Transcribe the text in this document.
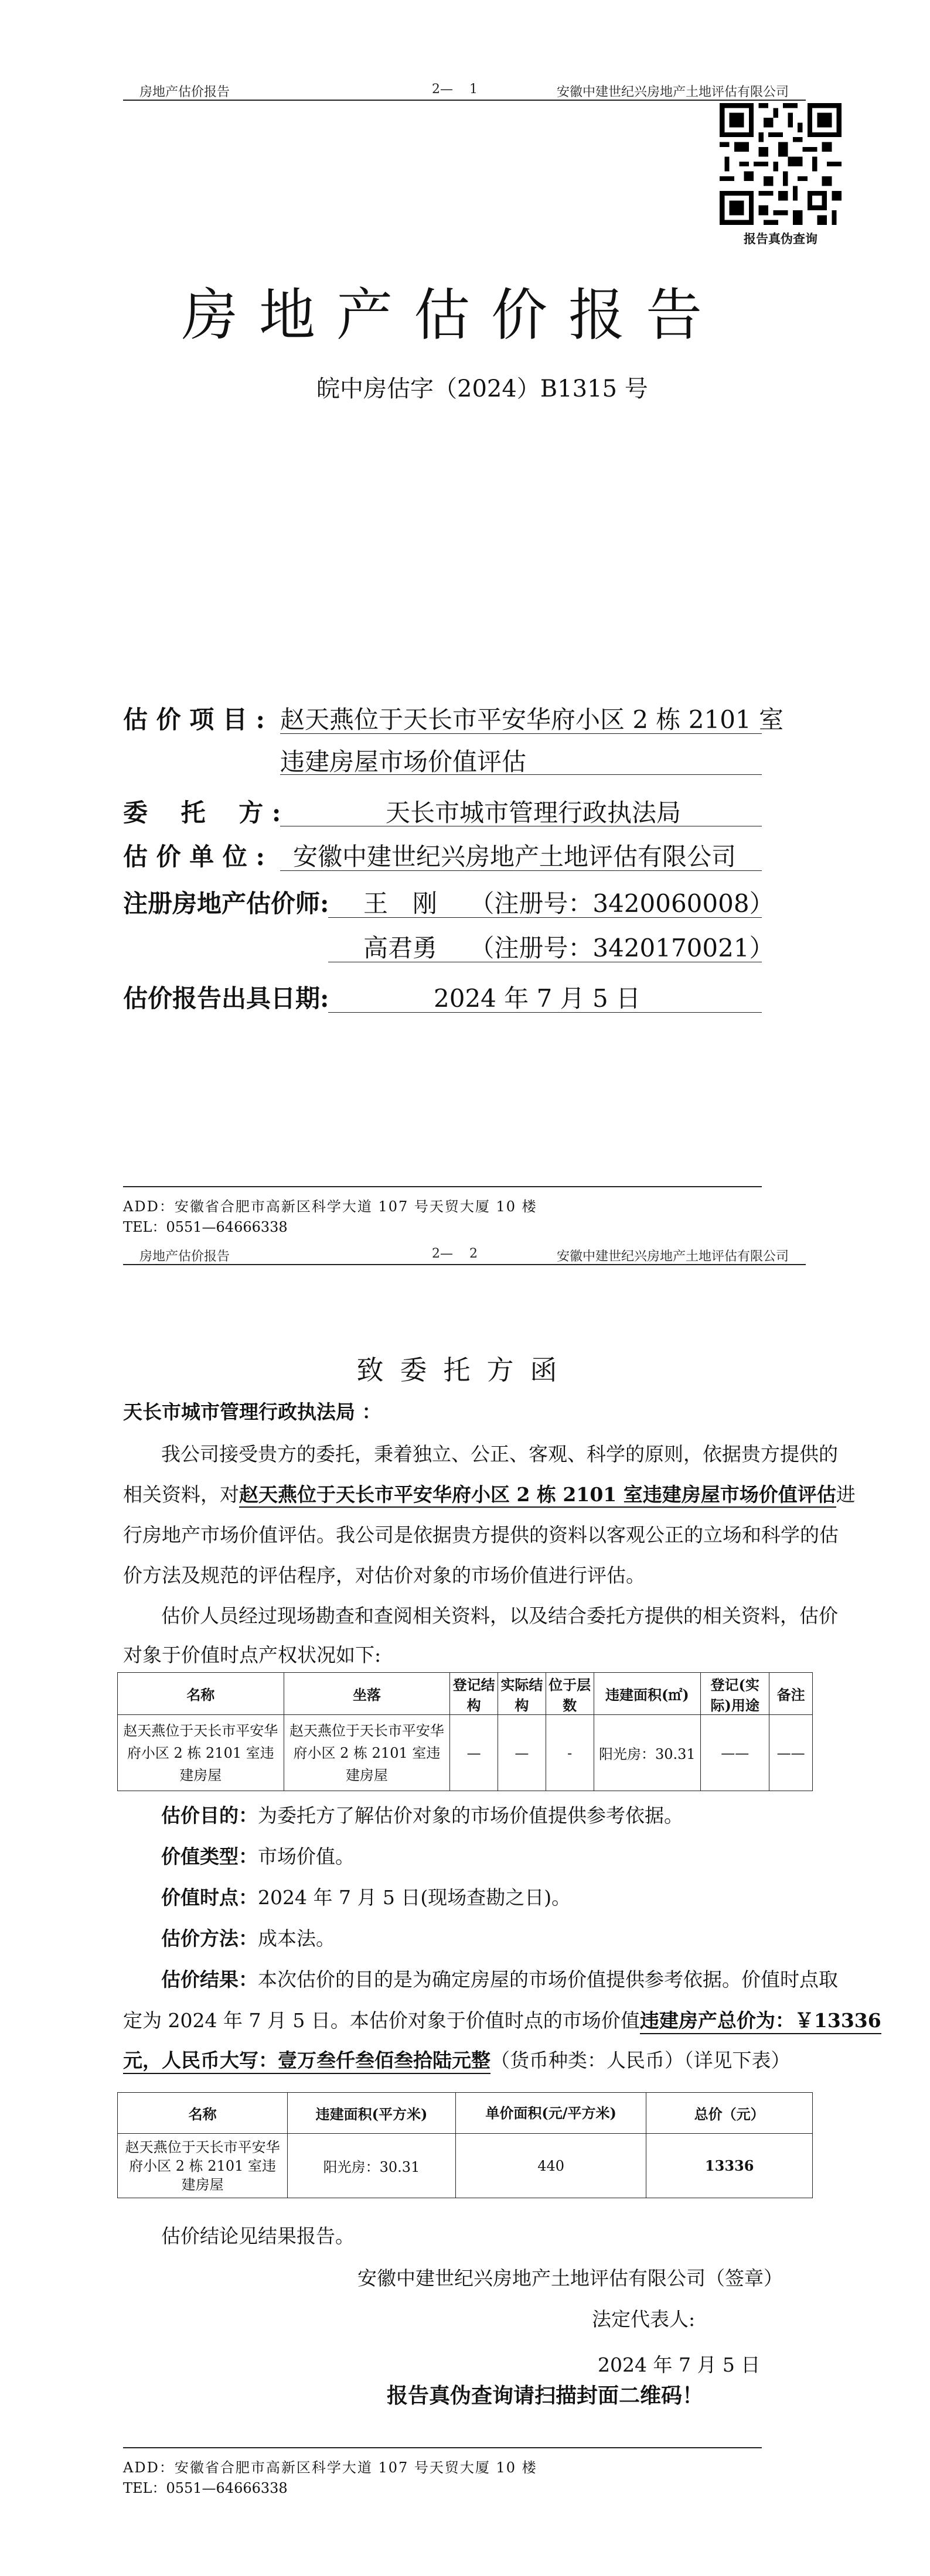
房地产估价报告	2—    1	安徽中建世纪兴房地产土地评估有限公司
报告真伪查询
房地产估价报告
皖中房估字（2024）B1315 号
估 价 项 目 : 赵天燕位于天长市平安华府小区 2 栋 2101 室
违建房屋市场价值评估
委　 托　 方 :	天长市城市管理行政执法局
估 价 单 位 : 安徽中建世纪兴房地产土地评估有限公司
注册房地产估价师: 王　刚　 （注册号：3420060008）
高君勇　 （注册号：3420170021）
估价报告出具日期:	2024 年 7 月 5 日
ADD：安徽省合肥市高新区科学大道 107 号天贸大厦 10 楼
TEL：0551—64666338
房地产估价报告	2—    2	安徽中建世纪兴房地产土地评估有限公司
致委托方函
天长市城市管理行政执法局 ：
我公司接受贵方的委托，秉着独立、公正、客观、科学的原则，依据贵方提供的
相关资料，对赵天燕位于天长市平安华府小区 2 栋 2101 室违建房屋市场价值评估进
行房地产市场价值评估。我公司是依据贵方提供的资料以客观公正的立场和科学的估
价方法及规范的评估程序，对估价对象的市场价值进行评估。
估价人员经过现场勘查和查阅相关资料，以及结合委托方提供的相关资料，估价
对象于价值时点产权状况如下:
名称	坐落	登记结构	实际结构	位于层数	违建面积(㎡)	登记(实际)用途	备注
赵天燕位于天长市平安华府小区 2 栋 2101 室违建房屋	赵天燕位于天长市平安华府小区 2 栋 2101 室违建房屋	—	—	-	阳光房：30.31	——	——
估价目的：为委托方了解估价对象的市场价值提供参考依据。
价值类型：市场价值。
价值时点：2024 年 7 月 5 日(现场查勘之日)。
估价方法：成本法。
估价结果：本次估价的目的是为确定房屋的市场价值提供参考依据。价值时点取
定为 2024 年 7 月 5 日。本估价对象于价值时点的市场价值违建房产总价为：￥13336
元，人民币大写：壹万叁仟叁佰叁拾陆元整（货币种类：人民币）（详见下表）
名称	违建面积(平方米)	单价面积(元/平方米)	总价（元）
赵天燕位于天长市平安华府小区 2 栋 2101 室违建房屋	阳光房：30.31	440	13336
估价结论见结果报告。
安徽中建世纪兴房地产土地评估有限公司（签章）
法定代表人:
2024 年 7 月 5 日
报告真伪查询请扫描封面二维码！
ADD：安徽省合肥市高新区科学大道 107 号天贸大厦 10 楼
TEL：0551—64666338
